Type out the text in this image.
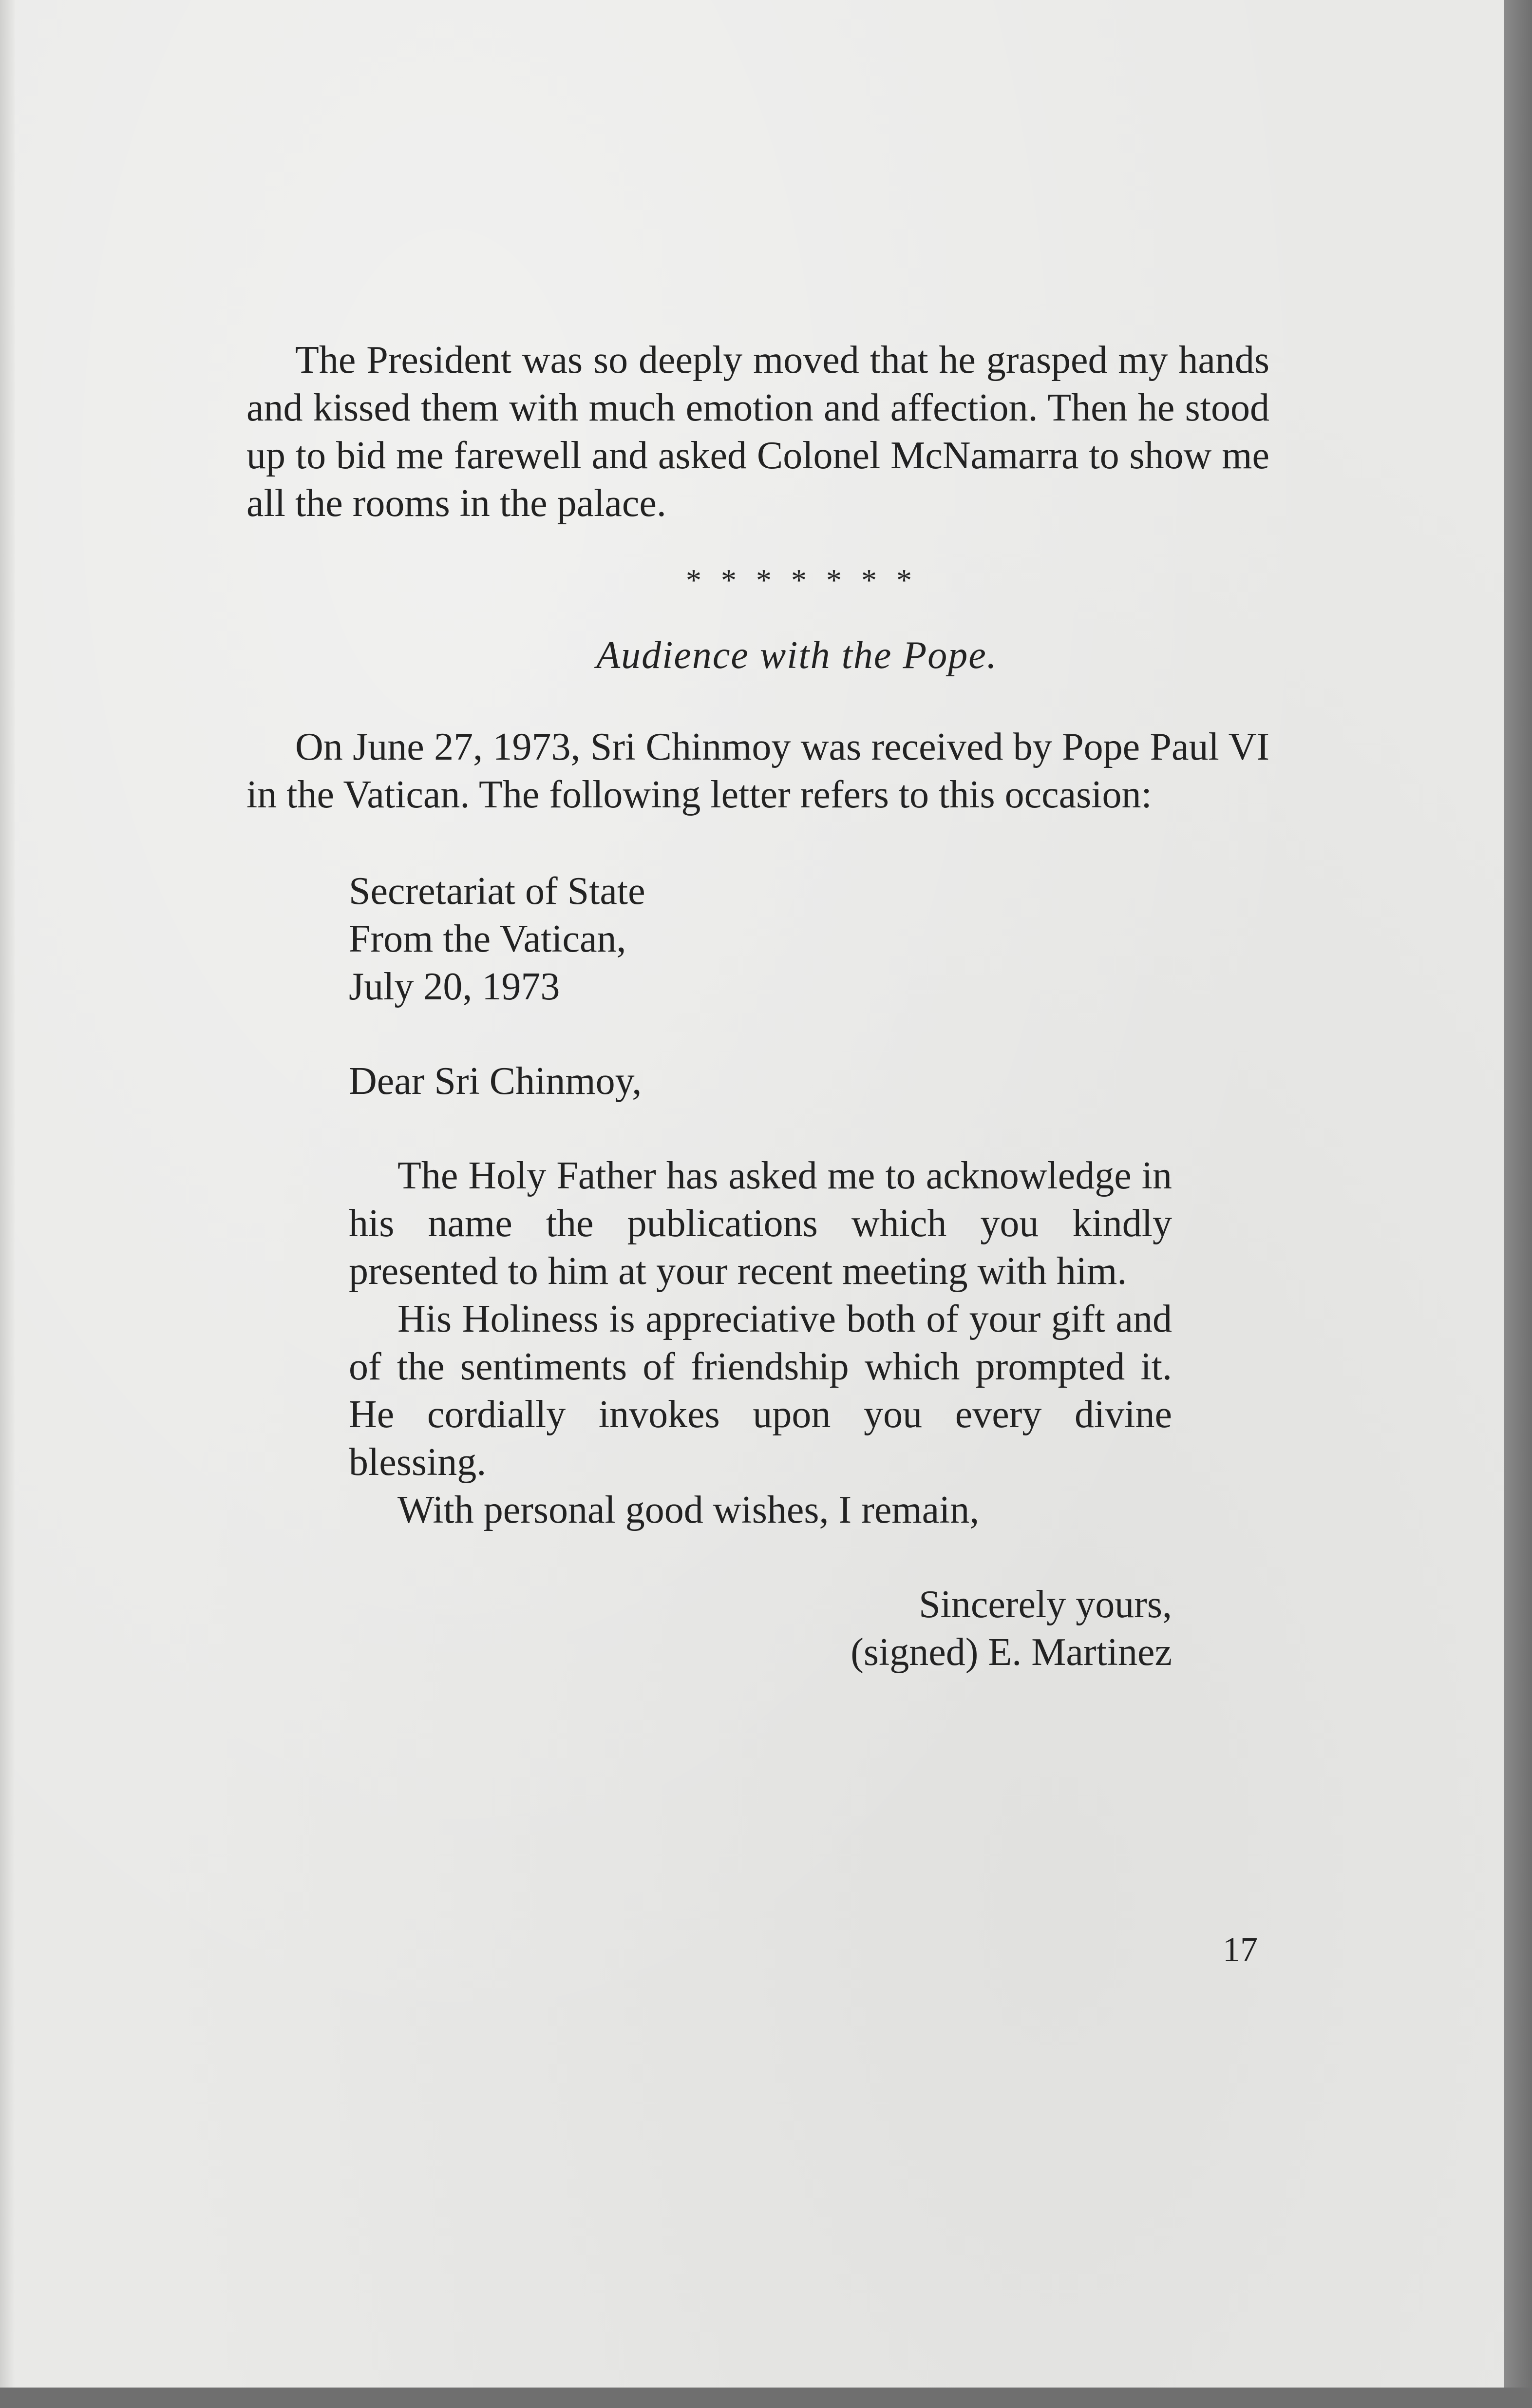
The President was so deeply moved that he grasped my hands and kissed them with much emotion and affection. Then he stood up to bid me farewell and asked Colonel McNamarra to show me all the rooms in the palace.

* * * * * * *
Audience with the Pope.

On June 27, 1973, Sri Chinmoy was received by Pope Paul VI in the Vatican. The following letter refers to this occasion:

Secretariat of State
From the Vatican,
July 20, 1973
Dear Sri Chinmoy,

The Holy Father has asked me to acknowledge in his name the publications which you kindly presented to him at your recent meeting with him.

His Holiness is appreciative both of your gift and of the sentiments of friendship which prompted it. He cordially invokes upon you every divine blessing.

With personal good wishes, I remain,

Sincerely yours,
(signed) E. Martinez
17
